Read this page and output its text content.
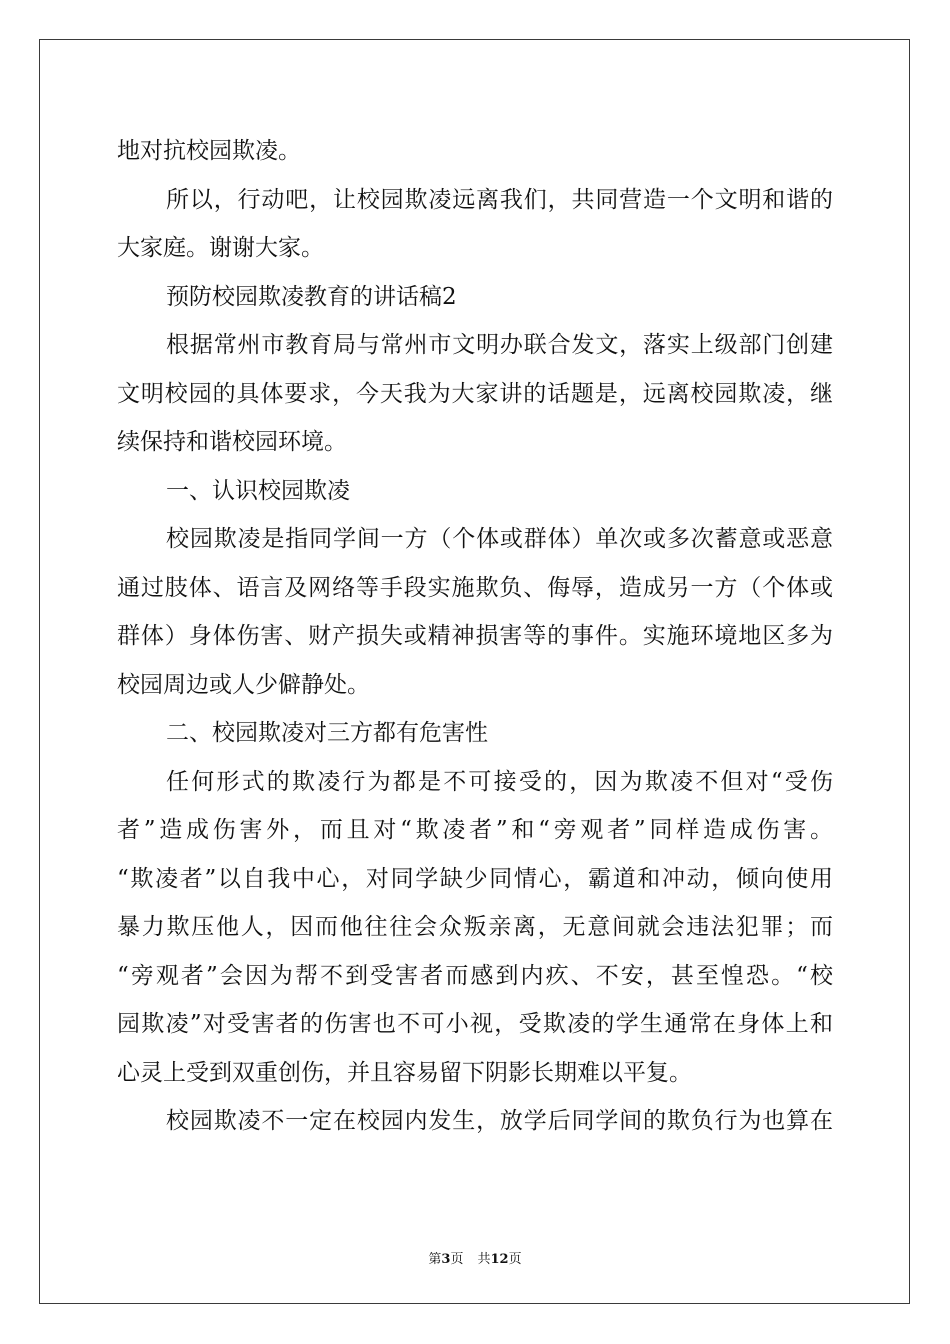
地对抗校园欺凌。
所以，行动吧，让校园欺凌远离我们，共同营造一个文明和谐的
大家庭。谢谢大家。
预防校园欺凌教育的讲话稿2
根据常州市教育局与常州市文明办联合发文，落实上级部门创建
文明校园的具体要求，今天我为大家讲的话题是，远离校园欺凌，继
续保持和谐校园环境。
一、认识校园欺凌
校园欺凌是指同学间一方（个体或群体）单次或多次蓄意或恶意
通过肢体、语言及网络等手段实施欺负、侮辱，造成另一方（个体或
群体）身体伤害、财产损失或精神损害等的事件。实施环境地区多为
校园周边或人少僻静处。
二、校园欺凌对三方都有危害性
任何形式的欺凌行为都是不可接受的，因为欺凌不但对“受伤
者”造成伤害外，而且对“欺凌者”和“旁观者”同样造成伤害。
“欺凌者”以自我中心，对同学缺少同情心，霸道和冲动，倾向使用
暴力欺压他人，因而他往往会众叛亲离，无意间就会违法犯罪；而
“旁观者”会因为帮不到受害者而感到内疚、不安，甚至惶恐。“校
园欺凌”对受害者的伤害也不可小视，受欺凌的学生通常在身体上和
心灵上受到双重创伤，并且容易留下阴影长期难以平复。
校园欺凌不一定在校园内发生，放学后同学间的欺负行为也算在
第3页 共12页
